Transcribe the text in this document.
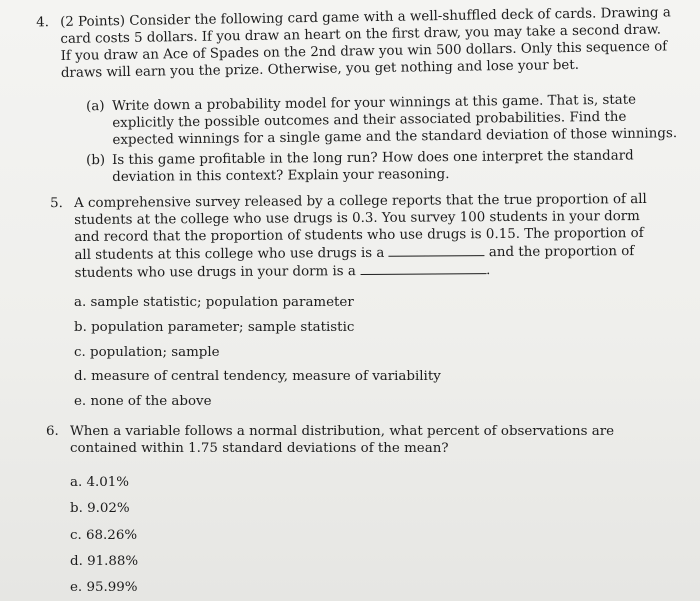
4. (2 Points) Consider the following card game with a well-shuffled deck of cards. Drawing a card costs 5 dollars. If you draw an heart on the first draw, you may take a second draw. If you draw an Ace of Spades on the 2nd draw you win 500 dollars. Only this sequence of draws will earn you the prize. Otherwise, you get nothing and lose your bet.
(a) Write down a probability model for your winnings at this game. That is, state explicitly the possible outcomes and their associated probabilities. Find the expected winnings for a single game and the standard deviation of those winnings.
(b) Is this game profitable in the long run? How does one interpret the standard deviation in this context? Explain your reasoning.
5. A comprehensive survey released by a college reports that the true proportion of all students at the college who use drugs is 0.3. You survey 100 students in your dorm and record that the proportion of students who use drugs is 0.15. The proportion of all students at this college who use drugs is a	and the proportion of students who use drugs in your dorm is a	.
a. sample statistic; population parameter
b. population parameter; sample statistic
c. population; sample
d. measure of central tendency, measure of variability
e. none of the above
6. When a variable follows a normal distribution, what percent of observations are contained within 1.75 standard deviations of the mean?
a. 4.01%
b. 9.02%
c. 68.26%
d. 91.88%
e. 95.99%
